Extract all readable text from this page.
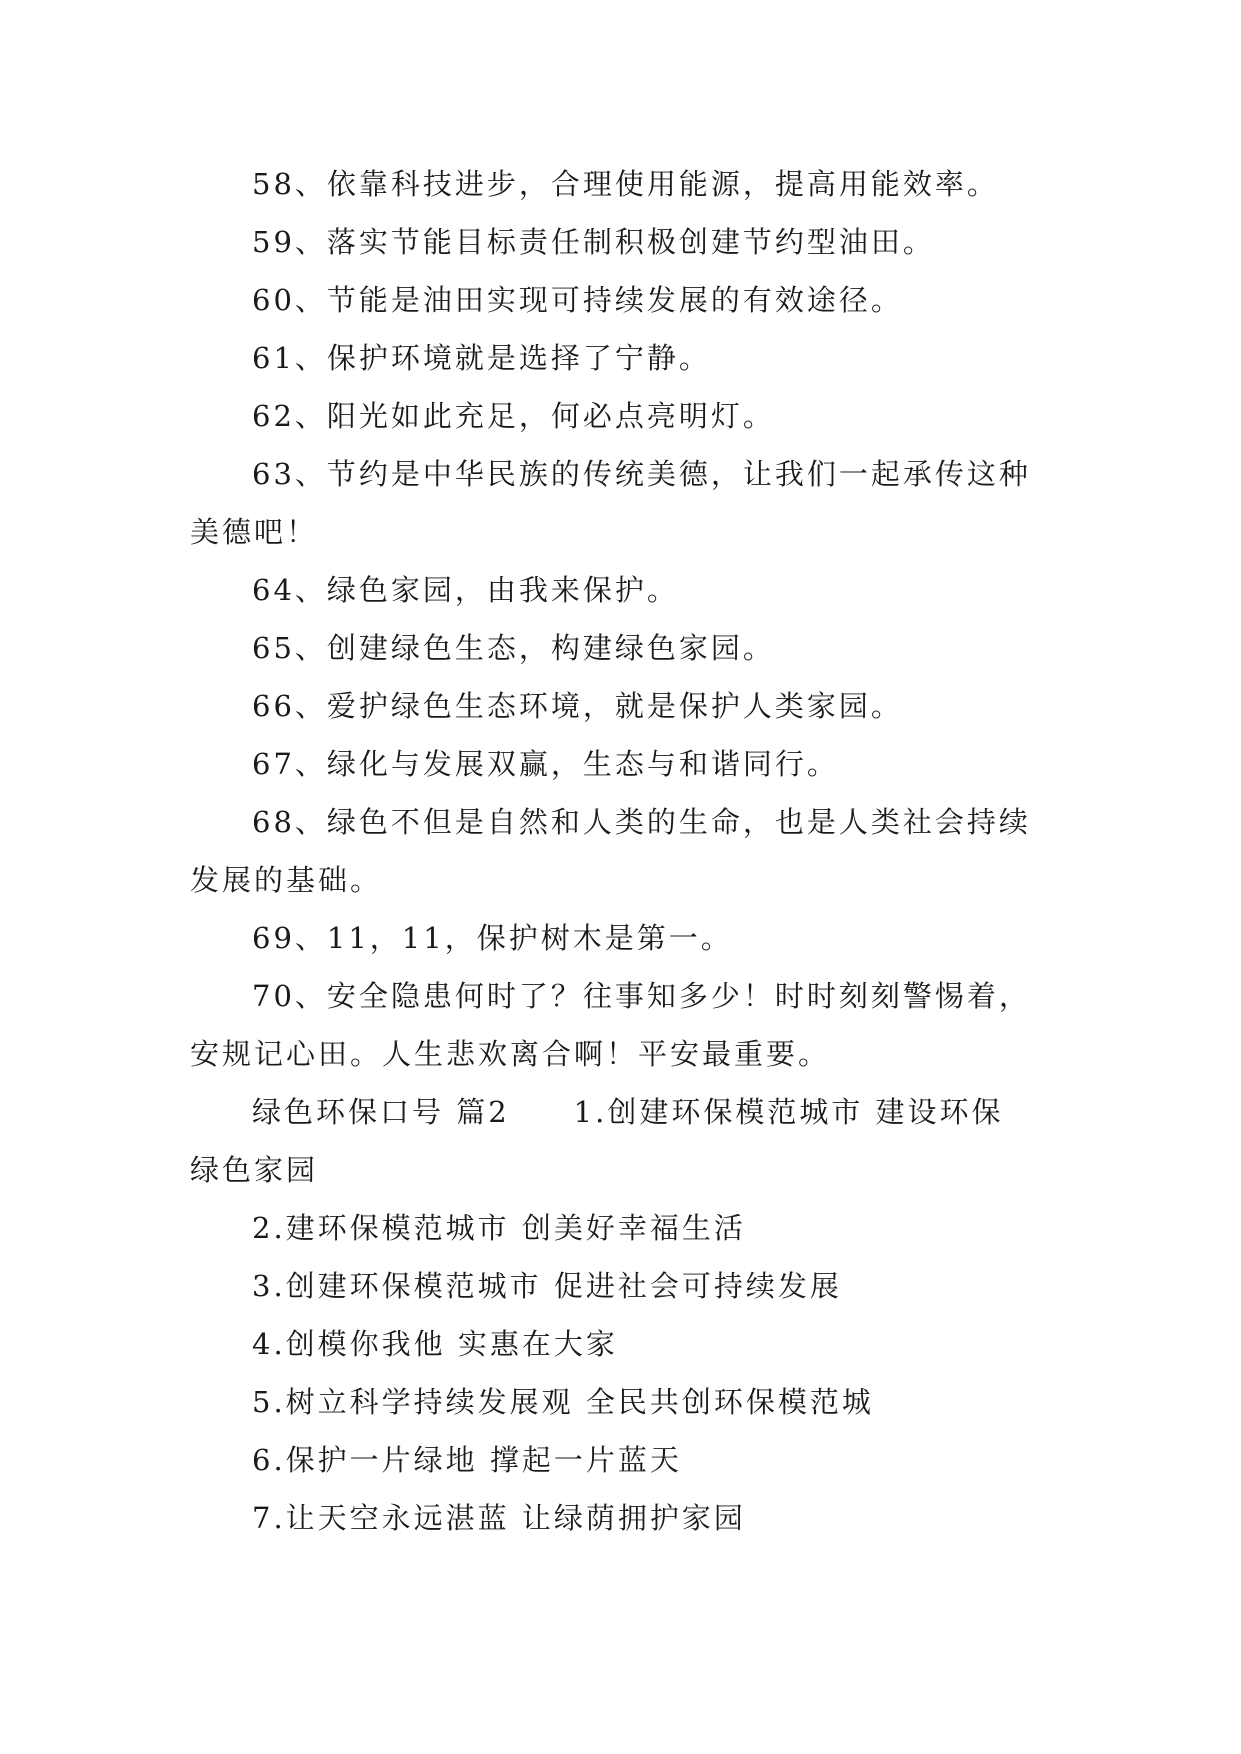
58、依靠科技进步，合理使用能源，提高用能效率。

59、落实节能目标责任制积极创建节约型油田。

60、节能是油田实现可持续发展的有效途径。

61、保护环境就是选择了宁静。

62、阳光如此充足，何必点亮明灯。

63、节约是中华民族的传统美德，让我们一起承传这种

美德吧！

64、绿色家园，由我来保护。

65、创建绿色生态，构建绿色家园。

66、爱护绿色生态环境，就是保护人类家园。

67、绿化与发展双赢，生态与和谐同行。

68、绿色不但是自然和人类的生命，也是人类社会持续

发展的基础。

69、11，11，保护树木是第一。

70、安全隐患何时了？往事知多少！时时刻刻警惕着，

安规记心田。人生悲欢离合啊！平安最重要。

绿色环保口号 篇2　　1.创建环保模范城市 建设环保

绿色家园

2.建环保模范城市 创美好幸福生活

3.创建环保模范城市 促进社会可持续发展

4.创模你我他 实惠在大家

5.树立科学持续发展观 全民共创环保模范城

6.保护一片绿地 撑起一片蓝天

7.让天空永远湛蓝 让绿荫拥护家园
